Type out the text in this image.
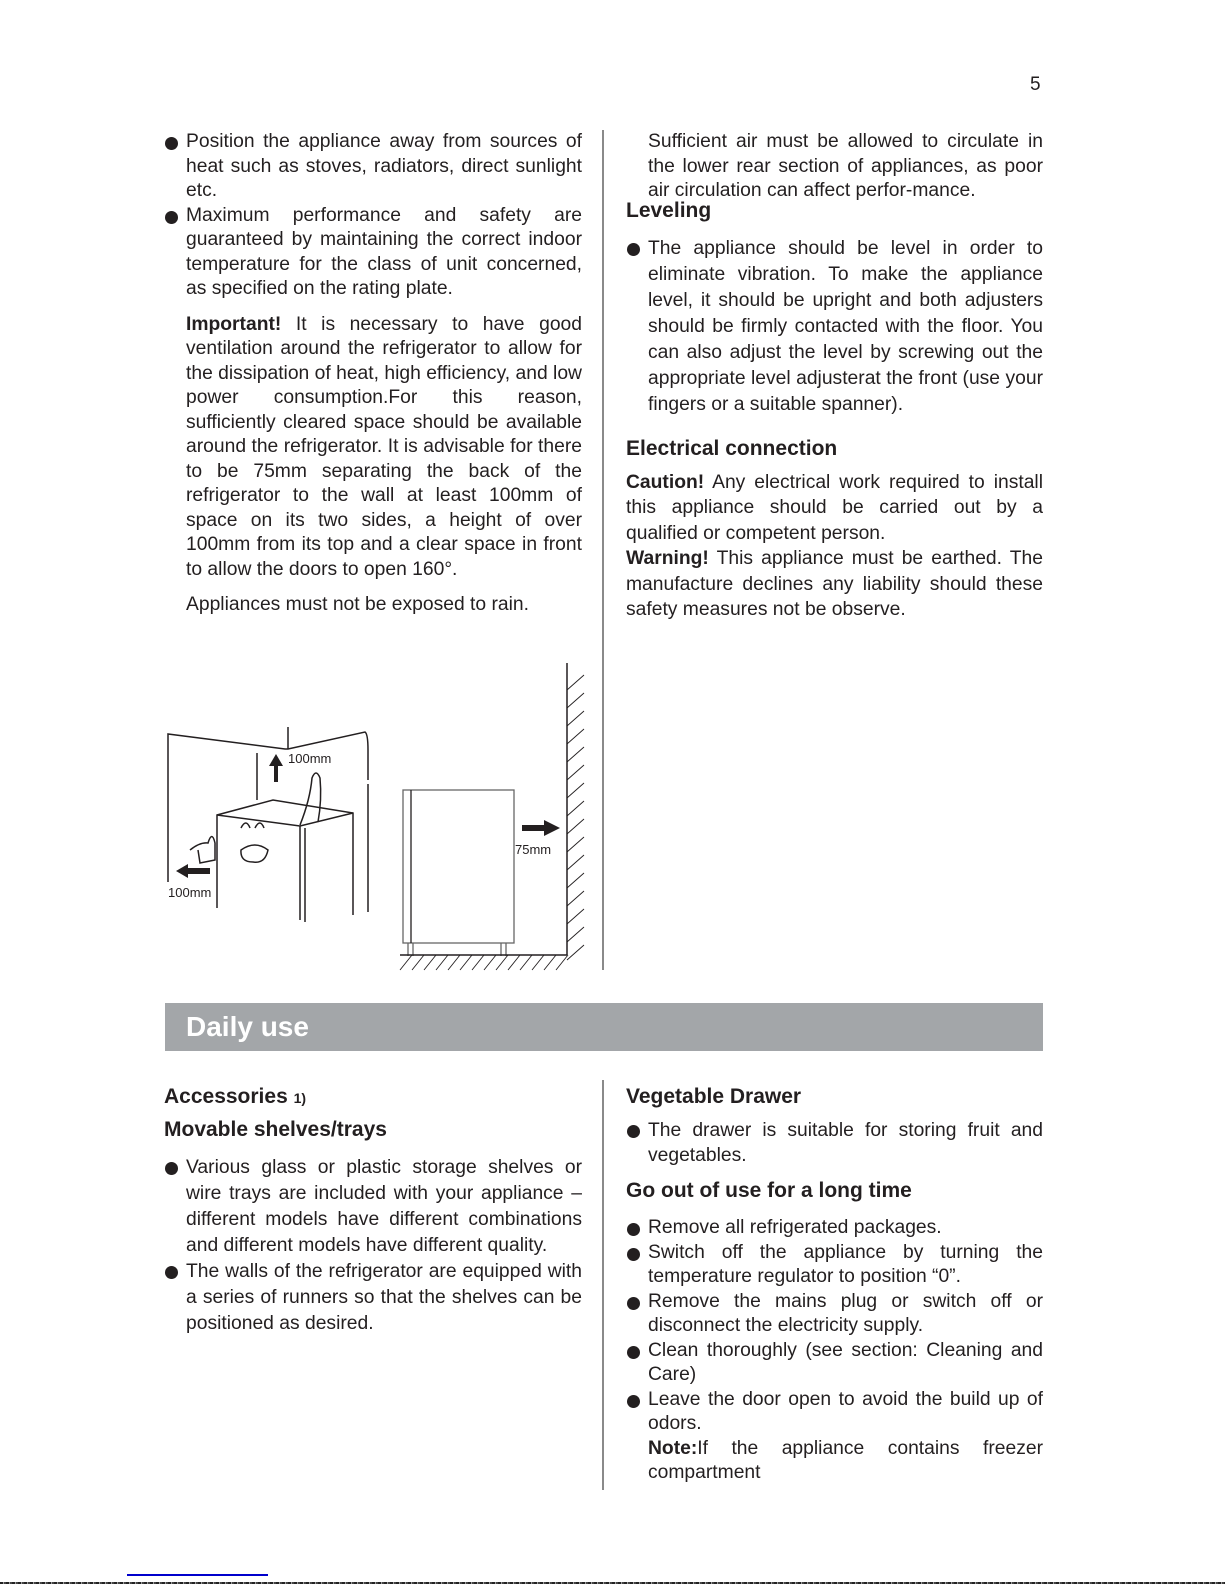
5

Position the appliance away from sources of heat such as stoves, radiators, direct sunlight etc.

Maximum performance and safety are guaranteed by maintaining the correct indoor temperature for the class of unit concerned, as specified on the rating plate.

Important! It is necessary to have good ventilation around the refrigerator to allow for the dissipation of heat, high efficiency, and low power consumption.For this reason, sufficiently cleared space should be available around the refrigerator. It is advisable for there to be 75mm separating the back of the refrigerator to the wall at least 100mm of space on its two sides, a height of over 100mm from its top and a clear space in front to allow the doors to open 160°.

Appliances must not be exposed to rain.

100mm
100mm
75mm

Sufficient air must be allowed to circulate in the lower rear section of appliances, as poor air circulation can affect perfor-mance.

Leveling

The appliance should be level in order to eliminate vibration. To make the appliance level, it should be upright and both adjusters should be firmly contacted with the floor. You can also adjust the level by screwing out the appropriate level adjusterat the front (use your fingers or a suitable spanner).

Electrical connection

Caution! Any electrical work required to install this appliance should be carried out by a qualified or competent person.

Warning! This appliance must be earthed. The manufacture declines any liability should these safety measures not be observe.

Daily use
Accessories 1)
Movable shelves/trays

Various glass or plastic storage shelves or wire trays are included with your appliance – different models have different combinations and different models have different quality.

The walls of the refrigerator are equipped with a series of runners so that the shelves can be positioned as desired.

Vegetable Drawer

The drawer is suitable for storing fruit and vegetables.

Go out of use for a long time

Remove all refrigerated packages.

Switch off the appliance by turning the temperature regulator to position “0”.

Remove the mains plug or switch off or disconnect the electricity supply.

Clean thoroughly (see section: Cleaning and Care)

Leave the door open to avoid the build up of odors.

Note:If the appliance contains freezer compartment
